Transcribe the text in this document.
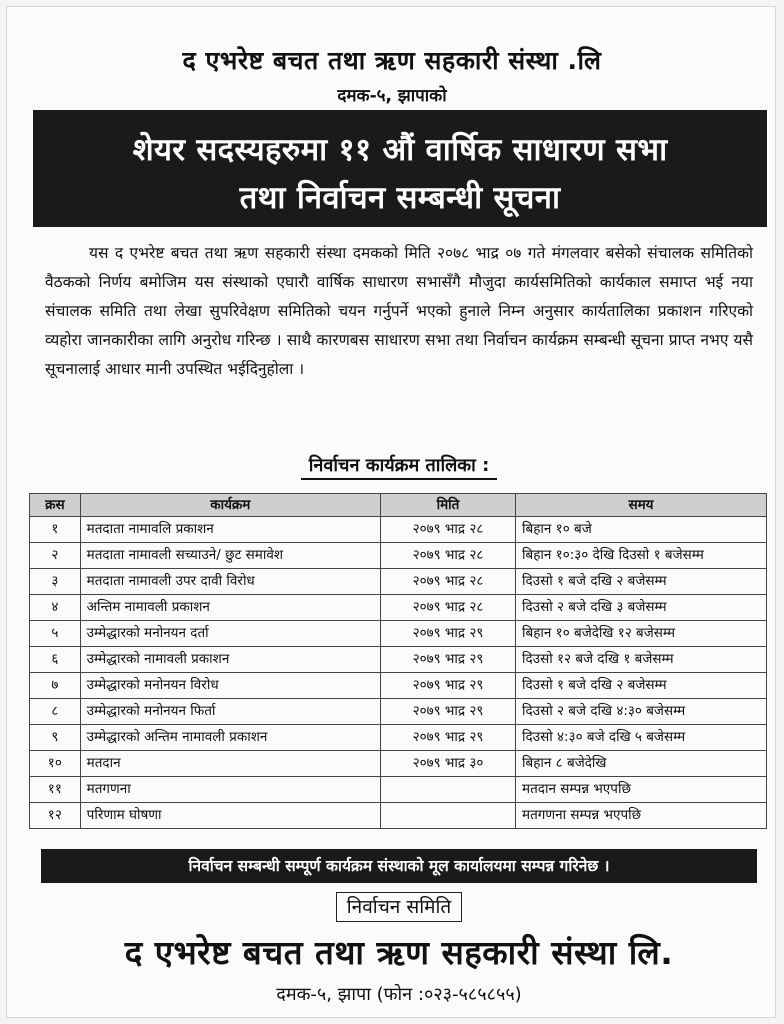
द एभरेष्ट बचत तथा ऋण सहकारी संस्था .लि
दमक-५, झापाको
शेयर सदस्यहरुमा ११ औं वार्षिक साधारण सभा
तथा निर्वाचन सम्बन्धी सूचना
यस द एभरेष्ट बचत तथा ऋण सहकारी संस्था दमकको मिति २०७८ भाद्र ०७ गते मंगलवार बसेको संचालक समितिको वैठकको निर्णय बमोजिम यस संस्थाको एघारौ वार्षिक साधारण सभासँगै मौजुदा कार्यसमितिको कार्यकाल समाप्त भई नया संचालक समिति तथा लेखा सुपरिवेक्षण समितिको चयन गर्नुपर्ने भएको हुनाले निम्न अनुसार कार्यतालिका प्रकाशन गरिएको व्यहोरा जानकारीका लागि अनुरोध गरिन्छ । साथै कारणबस साधारण सभा तथा निर्वाचन कार्यक्रम सम्बन्धी सूचना प्राप्त नभए यसै सूचनालाई आधार मानी उपस्थित भईदिनुहोला ।
निर्वाचन कार्यक्रम तालिका :
क्रस	कार्यक्रम	मिति	समय
१	मतदाता नामावलि प्रकाशन	२०७९ भाद्र २८	बिहान १० बजे
२	मतदाता नामावली सच्याउने/ छुट समावेश	२०७९ भाद्र २८	बिहान १०:३० देखि दिउसो १ बजेसम्म
३	मतदाता नामावली उपर दावी विरोध	२०७९ भाद्र २८	दिउसो १ बजे दखि २ बजेसम्म
४	अन्तिम नामावली प्रकाशन	२०७९ भाद्र २८	दिउसो २ बजे दखि ३ बजेसम्म
५	उम्मेद्धारको मनोनयन दर्ता	२०७९ भाद्र २९	बिहान १० बजेदेखि १२ बजेसम्म
६	उम्मेद्धारको नामावली प्रकाशन	२०७९ भाद्र २९	दिउसो १२ बजे दखि १ बजेसम्म
७	उम्मेद्धारको मनोनयन विरोध	२०७९ भाद्र २९	दिउसो १ बजे दखि २ बजेसम्म
८	उम्मेद्धारको मनोनयन फिर्ता	२०७९ भाद्र २९	दिउसो २ बजे दखि ४:३० बजेसम्म
९	उम्मेद्धारको अन्तिम नामावली प्रकाशन	२०७९ भाद्र २९	दिउसो ४:३० बजे दखि ५ बजेसम्म
१०	मतदान	२०७९ भाद्र ३०	बिहान ८ बजेदेखि
११	मतगणना		मतदान सम्पन्न भएपछि
१२	परिणाम घोषणा		मतगणना सम्पन्न भएपछि
निर्वाचन सम्बन्धी सम्पूर्ण कार्यक्रम संस्थाको मूल कार्यालयमा सम्पन्न गरिनेछ ।
निर्वाचन समिति
द एभरेष्ट बचत तथा ऋण सहकारी संस्था लि.
दमक-५, झापा (फोन :०२३-५८५८५५)
